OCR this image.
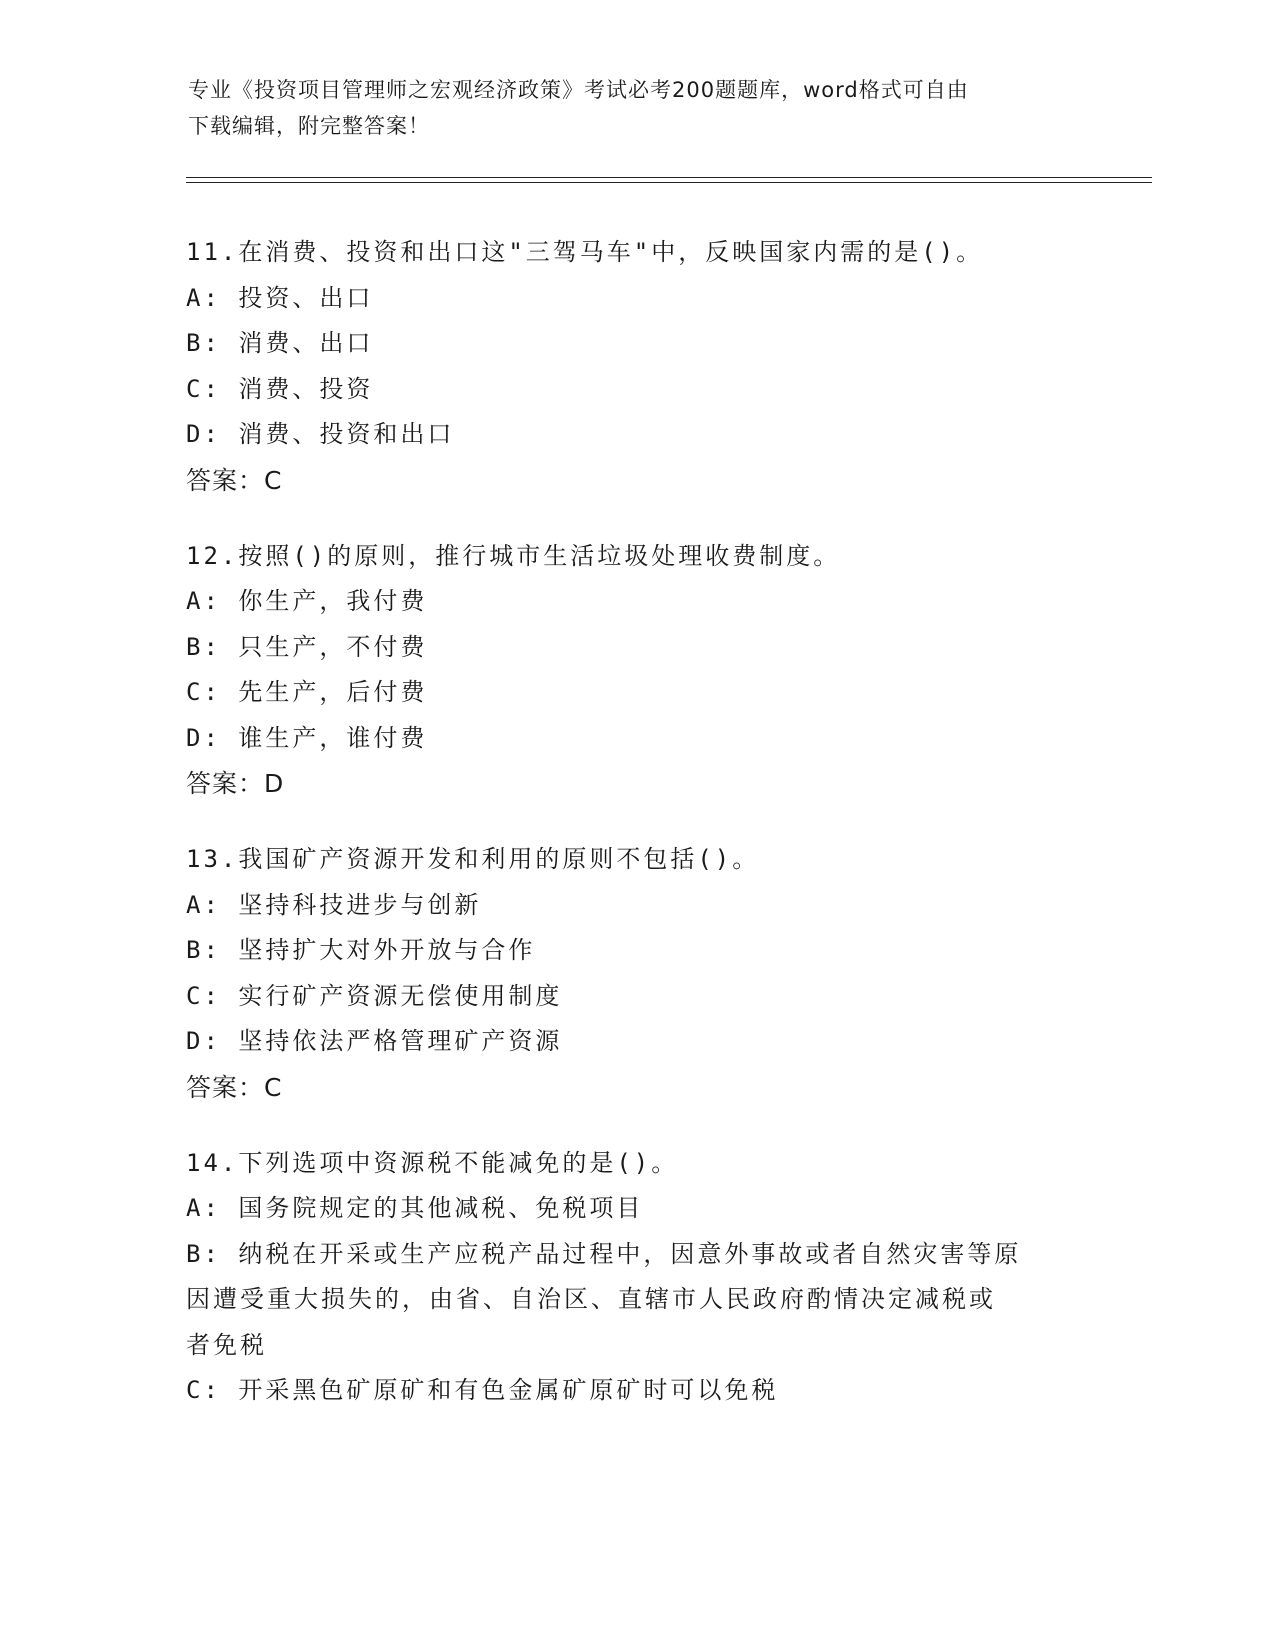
专业《投资项目管理师之宏观经济政策》考试必考200题题库，word格式可自由
下载编辑，附完整答案！
11.在消费、投资和出口这"三驾马车"中，反映国家内需的是()。
A: 投资、出口
B: 消费、出口
C: 消费、投资
D: 消费、投资和出口
答案：C
12.按照()的原则，推行城市生活垃圾处理收费制度。
A: 你生产，我付费
B: 只生产，不付费
C: 先生产，后付费
D: 谁生产，谁付费
答案：D
13.我国矿产资源开发和利用的原则不包括()。
A: 坚持科技进步与创新
B: 坚持扩大对外开放与合作
C: 实行矿产资源无偿使用制度
D: 坚持依法严格管理矿产资源
答案：C
14.下列选项中资源税不能减免的是()。
A: 国务院规定的其他减税、免税项目
B: 纳税在开采或生产应税产品过程中，因意外事故或者自然灾害等原
因遭受重大损失的，由省、自治区、直辖市人民政府酌情决定减税或
者免税
C: 开采黑色矿原矿和有色金属矿原矿时可以免税
